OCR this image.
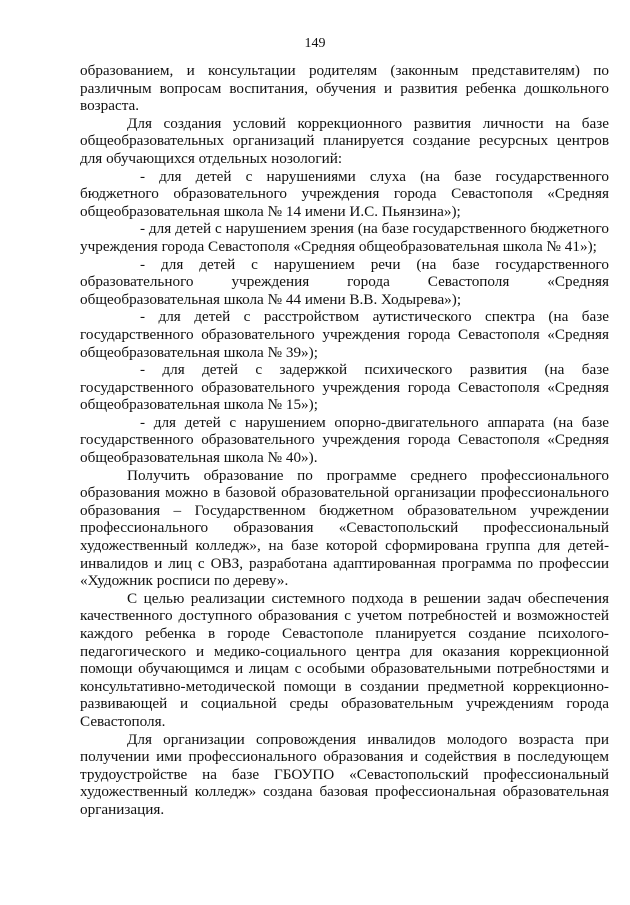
149

образованием, и консультации родителям (законным представителям) по различным вопросам воспитания, обучения и развития ребенка дошкольного возраста.

Для создания условий коррекционного развития личности на базе общеобразовательных организаций планируется создание ресурсных центров для обучающихся отдельных нозологий:

- для детей с нарушениями слуха (на базе государственного бюджетного образовательного учреждения города Севастополя «Средняя общеобразовательная школа № 14 имени И.С. Пьянзина»);
- для детей с нарушением зрения (на базе государственного бюджетного учреждения города Севастополя «Средняя общеобразовательная школа № 41»);
- для детей с нарушением речи (на базе государственного образовательного учреждения города Севастополя «Средняя общеобразовательная школа № 44 имени В.В. Ходырева»);
- для детей с расстройством аутистического спектра (на базе государственного образовательного учреждения города Севастополя «Средняя общеобразовательная школа № 39»);
- для детей с задержкой психического развития (на базе государственного образовательного учреждения города Севастополя «Средняя общеобразовательная школа № 15»);
- для детей с нарушением опорно-двигательного аппарата (на базе государственного образовательного учреждения города Севастополя «Средняя общеобразовательная школа № 40»).

Получить образование по программе среднего профессионального образования можно в базовой образовательной организации профессионального образования – Государственном бюджетном образовательном учреждении профессионального образования «Севастопольский профессиональный художественный колледж», на базе которой сформирована группа для детей-инвалидов и лиц с ОВЗ, разработана адаптированная программа по профессии «Художник росписи по дереву».

С целью реализации системного подхода в решении задач обеспечения качественного доступного образования с учетом потребностей и возможностей каждого ребенка в городе Севастополе планируется создание психолого-педагогического и медико-социального центра для оказания коррекционной помощи обучающимся и лицам с особыми образовательными потребностями и консультативно-методической помощи в создании предметной коррекционно-развивающей и социальной среды образовательным учреждениям города Севастополя.

Для организации сопровождения инвалидов молодого возраста при получении ими профессионального образования и содействия в последующем трудоустройстве на базе ГБОУПО «Севастопольский профессиональный художественный колледж» создана базовая профессиональная образовательная организация.
